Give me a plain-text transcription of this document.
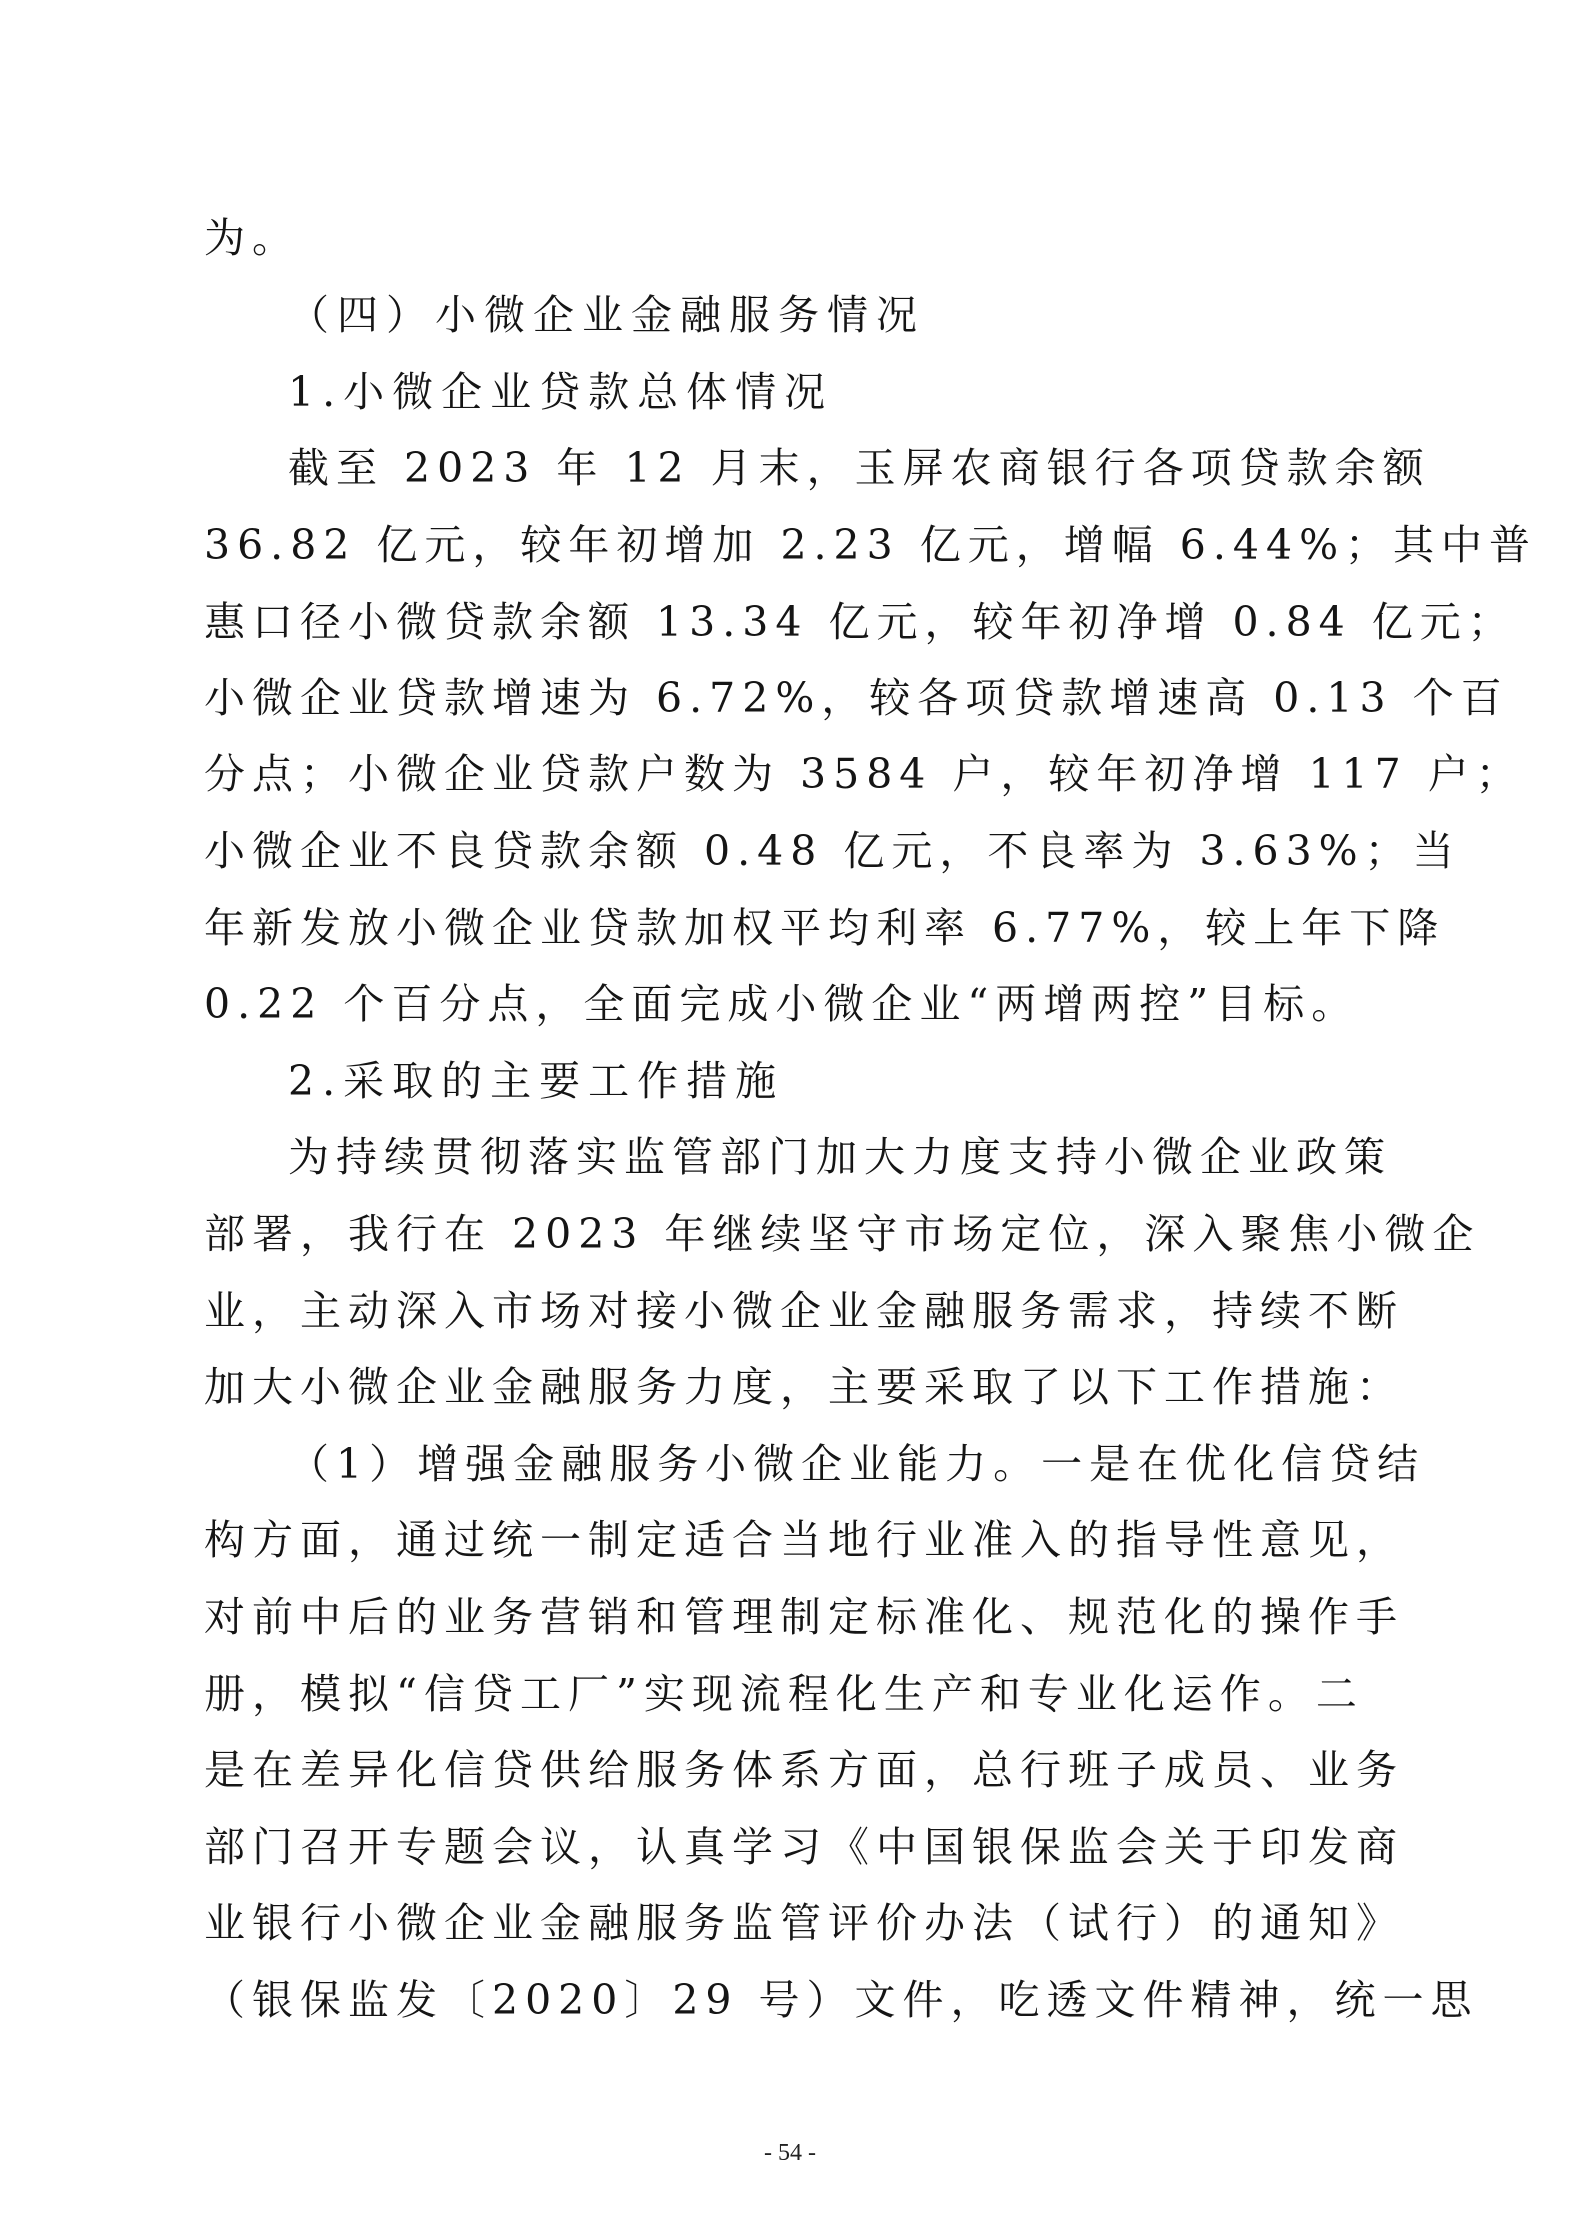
为。
（四）小微企业金融服务情况
1.小微企业贷款总体情况
截至 2023 年 12 月末，玉屏农商银行各项贷款余额
36.82 亿元，较年初增加 2.23 亿元，增幅 6.44%；其中普
惠口径小微贷款余额 13.34 亿元，较年初净增 0.84 亿元；
小微企业贷款增速为 6.72%，较各项贷款增速高 0.13 个百
分点；小微企业贷款户数为 3584 户，较年初净增 117 户；
小微企业不良贷款余额 0.48 亿元，不良率为 3.63%；当
年新发放小微企业贷款加权平均利率 6.77%，较上年下降
0.22 个百分点，全面完成小微企业“两增两控”目标。
2.采取的主要工作措施
为持续贯彻落实监管部门加大力度支持小微企业政策
部署，我行在 2023 年继续坚守市场定位，深入聚焦小微企
业，主动深入市场对接小微企业金融服务需求，持续不断
加大小微企业金融服务力度，主要采取了以下工作措施：
（1）增强金融服务小微企业能力。一是在优化信贷结
构方面，通过统一制定适合当地行业准入的指导性意见，
对前中后的业务营销和管理制定标准化、规范化的操作手
册，模拟“信贷工厂”实现流程化生产和专业化运作。二
是在差异化信贷供给服务体系方面，总行班子成员、业务
部门召开专题会议，认真学习《中国银保监会关于印发商
业银行小微企业金融服务监管评价办法（试行）的通知》
（银保监发〔2020〕29 号）文件，吃透文件精神，统一思
- 54 -
